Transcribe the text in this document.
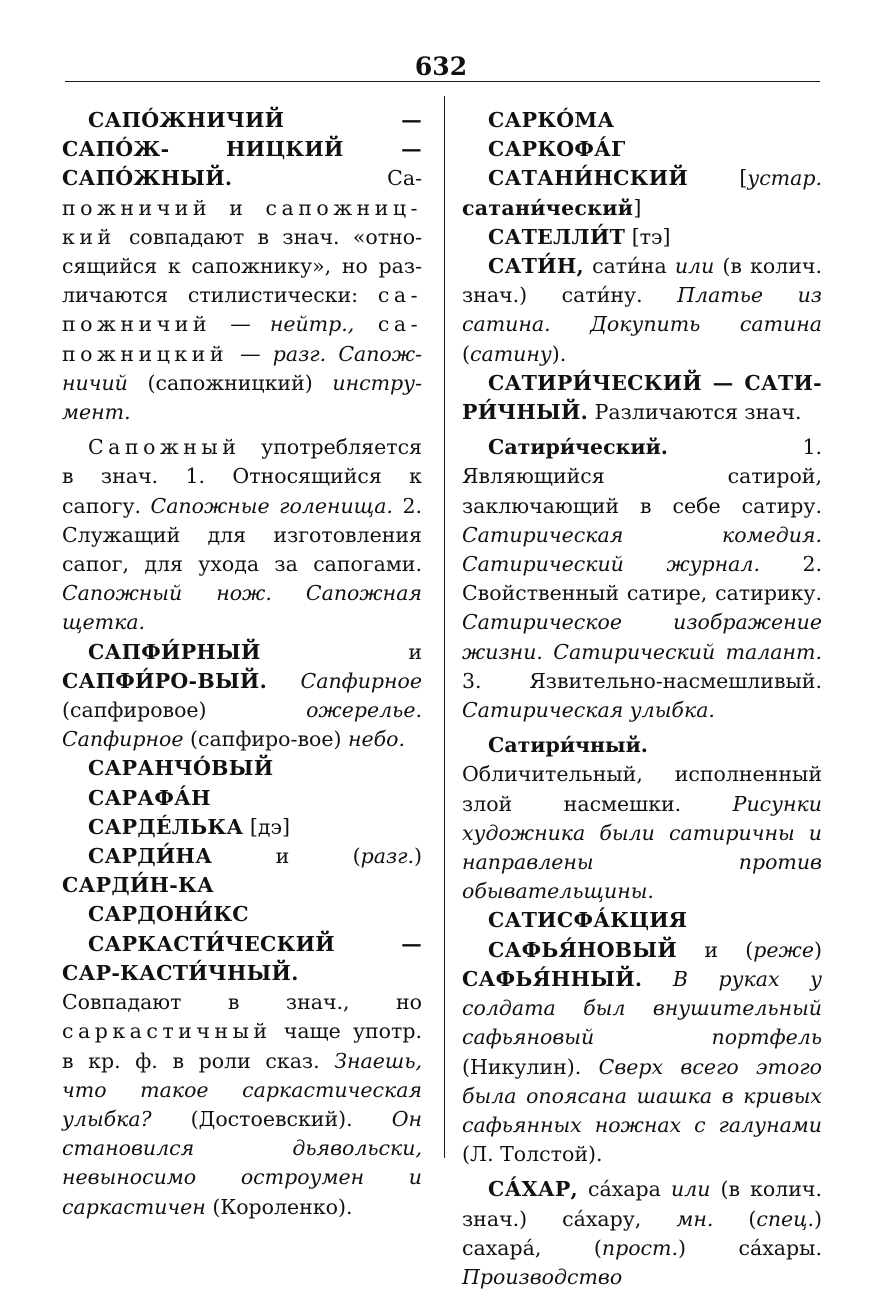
632

САПÓЖНИЧИЙ — САПÓЖ-	НИЦКИЙ — САПÓЖНЫЙ. Са- пожничий и сапожниц- кий совпадают в знач. «отно- сящийся к сапожнику», но раз- личаются стилистически: са- пожничий — нейтр., са- пожницкий — разг. Сапож- ничий (сапожницкий) инстру- мент.

Сапожный употребляется в знач. 1. Относящийся к сапогу. Сапожные голенища. 2. Служащий для изготовления сапог, для ухода за сапогами. Сапожный нож. Сапожная щетка.

САПФИ́РНЫЙ и САПФИ́РО-ВЫЙ. Сапфирное (сапфировое) ожерелье. Сапфирное (сапфиро-вое) небо.

САРАНЧÓВЫЙ

САРАФА́Н

САРДÉЛЬКА [дэ]

САРДИ́НА и (разг.) САРДИ́Н-КА

САРДОНИ́КС

САРКАСТИ́ЧЕСКИЙ — САР-КАСТИ́ЧНЫЙ. Совпадают в знач., но саркастичный чаще употр. в кр. ф. в роли сказ. Знаешь, что такое саркастическая улыбка? (Достоевский). Он становился дьявольски, невыносимо остроумен и саркастичен (Короленко).

САРКÓМА

САРКОФА́Г

САТАНИ́НСКИЙ [устар. сатани́ческий]

САТЕЛЛИ́Т [тэ]

САТИ́Н, сати́на или (в колич. знач.) сати́ну. Платье из сатина. Докупить сатина (сатину).

САТИРИ́ЧЕСКИЙ — САТИ-РИ́ЧНЫЙ. Различаются знач.

Сатири́ческий. 1. Являющийся сатирой, заключающий в себе сатиру. Сатирическая комедия. Сатирический журнал. 2. Свойственный сатире, сатирику. Сатирическое изображение жизни. Сатирический талант. 3. Язвительно-насмешливый. Сатирическая улыбка.

Сатири́чный. Обличительный, исполненный злой насмешки. Рисунки художника были сатиричны и направлены против обывательщины.

САТИСФА́КЦИЯ

САФЬЯ́НОВЫЙ и (реже) САФЬЯ́ННЫЙ. В руках у солдата был внушительный сафьяновый портфель (Никулин). Сверх всего этого была опоясана шашка в кривых сафьянных ножнах с галунами (Л. Толстой).

СА́ХАР, са́хара или (в колич. знач.) са́хару, мн. (спец.) сахара́, (прост.) са́хары. Производство
